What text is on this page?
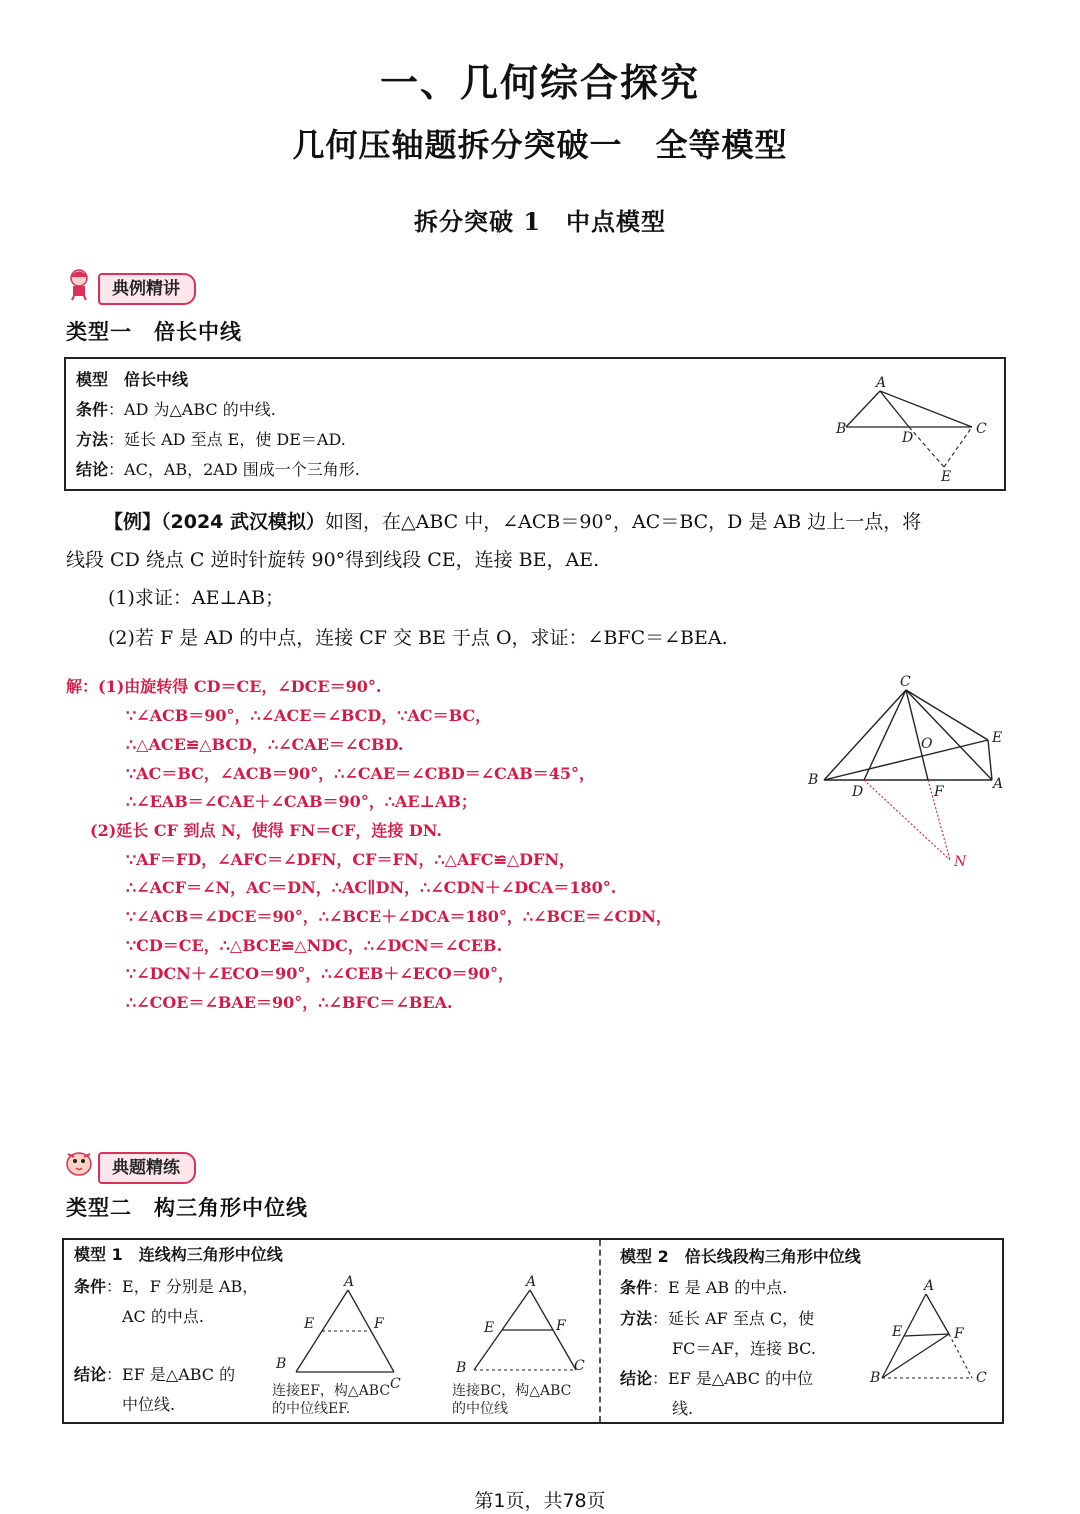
一、几何综合探究
几何压轴题拆分突破一　全等模型
拆分突破 1　中点模型
典例精讲
类型一　倍长中线
模型　倍长中线
条件：AD 为△ABC 的中线.
方法：延长 AD 至点 E，使 DE＝AD.
结论：AC，AB，2AD 围成一个三角形.
A
B
D
C
E
【例】（2024 武汉模拟）如图，在△ABC 中，∠ACB＝90°，AC＝BC，D 是 AB 边上一点，将
线段 CD 绕点 C 逆时针旋转 90°得到线段 CE，连接 BE，AE.
(1)求证：AE⊥AB；
(2)若 F 是 AD 的中点，连接 CF 交 BE 于点 O，求证：∠BFC＝∠BEA.
解：(1)由旋转得 CD＝CE，∠DCE＝90°.
∵∠ACB＝90°，∴∠ACE＝∠BCD，∵AC＝BC，
∴△ACE≌△BCD，∴∠CAE＝∠CBD.
∵AC＝BC，∠ACB＝90°，∴∠CAE＝∠CBD＝∠CAB＝45°，
∴∠EAB＝∠CAE＋∠CAB＝90°，∴AE⊥AB；
(2)延长 CF 到点 N，使得 FN＝CF，连接 DN.
∵AF＝FD，∠AFC＝∠DFN，CF＝FN，∴△AFC≌△DFN，
∴∠ACF＝∠N，AC＝DN，∴AC∥DN，∴∠CDN＋∠DCA＝180°.
∵∠ACB＝∠DCE＝90°，∴∠BCE＋∠DCA＝180°，∴∠BCE＝∠CDN，
∵CD＝CE，∴△BCE≌△NDC，∴∠DCN＝∠CEB.
∵∠DCN＋∠ECO＝90°，∴∠CEB＋∠ECO＝90°，
∴∠COE＝∠BAE＝90°，∴∠BFC＝∠BEA.
C
E
O
B	A
D	F
N
典题精练
类型二　构三角形中位线
模型 1　连线构三角形中位线
条件：E，F 分别是 AB，
AC 的中点.
结论：EF 是△ABC 的
中位线.
A
E	F
B
C
连接EF，构△ABC
的中位线EF.
A
E	F
B	C
连接BC，构△ABC
的中位线
模型 2　倍长线段构三角形中位线
条件：E 是 AB 的中点.
方法：延长 AF 至点 C，使
FC＝AF，连接 BC.
结论：EF 是△ABC 的中位
线.
A
E	F
B	C
第1页，共78页
